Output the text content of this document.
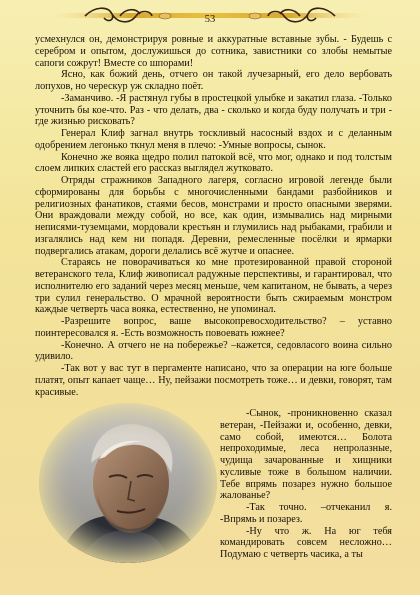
53

усмехнулся он, демонстрируя ровные и аккуратные вставные зубы. - Будешь с серебром и опытом, дослужишься до сотника, завистники со злобы немытые сапоги сожрут! Вместе со шпорами!

Ясно, как божий день, отчего он такой лучезарный, его дело вербовать лопухов, но черескур уж складно поёт.

-Заманчиво. -Я растянул губы в простецкой улыбке и закатил глаза. -Только уточнить бы кое-что. Раз - что делать, два - сколько и когда буду получать и три - где жизнью рисковать?

Генерал Клиф загнал внутрь тоскливый насосный вздох и с деланным одобрением легонько ткнул меня в плечо: -Умные вопросы, сынок.

Конечно же вояка щедро полил патокой всё, что мог, однако и под толстым слоем липких сластей его рассказ выглядел жутковато.

Отряды стражников Западного лагеря, согласно игровой легенде были сформированы для борьбы с многочисленными бандами разбойников и религиозных фанатиков, стаями бесов, монстрами и просто опасными зверями. Они враждовали между собой, но все, как один, измывались над мирными неписями-туземцами, мордовали крестьян и глумились над рыбаками, грабили и изгалялись над кем ни попадя. Деревни, ремесленные посёлки и ярмарки подвергались атакам, дороги делались всё жутче и опаснее.

Стараясь не поворачиваться ко мне протезированной правой стороной ветеранского тела, Клиф живописал радужные перспективы, и гарантировал, что исполнителю его заданий через месяц меньше, чем капитаном, не бывать, а через три сулил генеральство. О мрачной вероятности быть сжираемым монстром каждые четверть часа вояка, естественно, не упоминал.

-Разрешите вопрос, ваше высокопревосходительство? – уставно поинтересовался я. -Есть возможность повоевать южнее?

-Конечно. А отчего не на побережье? –кажется, седовласого воина сильно удивило.

-Так вот у вас тут в пергаменте написано, что за операции на юге больше платят, опыт капает чаще… Ну, пейзажи посмотреть тоже… и девки, говорят, там красивые.

-Сынок, -проникновенно сказал ветеран, -Пейзажи и, особенно, девки, само собой, имеются… Болота непроходимые, леса непролазные, чудища зачарованные и хищники кусливые тоже в большом наличии. Тебе впрямь позарез нужно большое жалованье?

-Так точно. –отчеканил я. -Впрямь и позарез.

-Ну что ж. На юг тебя командировать совсем несложно… Подумаю с четверть часика, а ты
